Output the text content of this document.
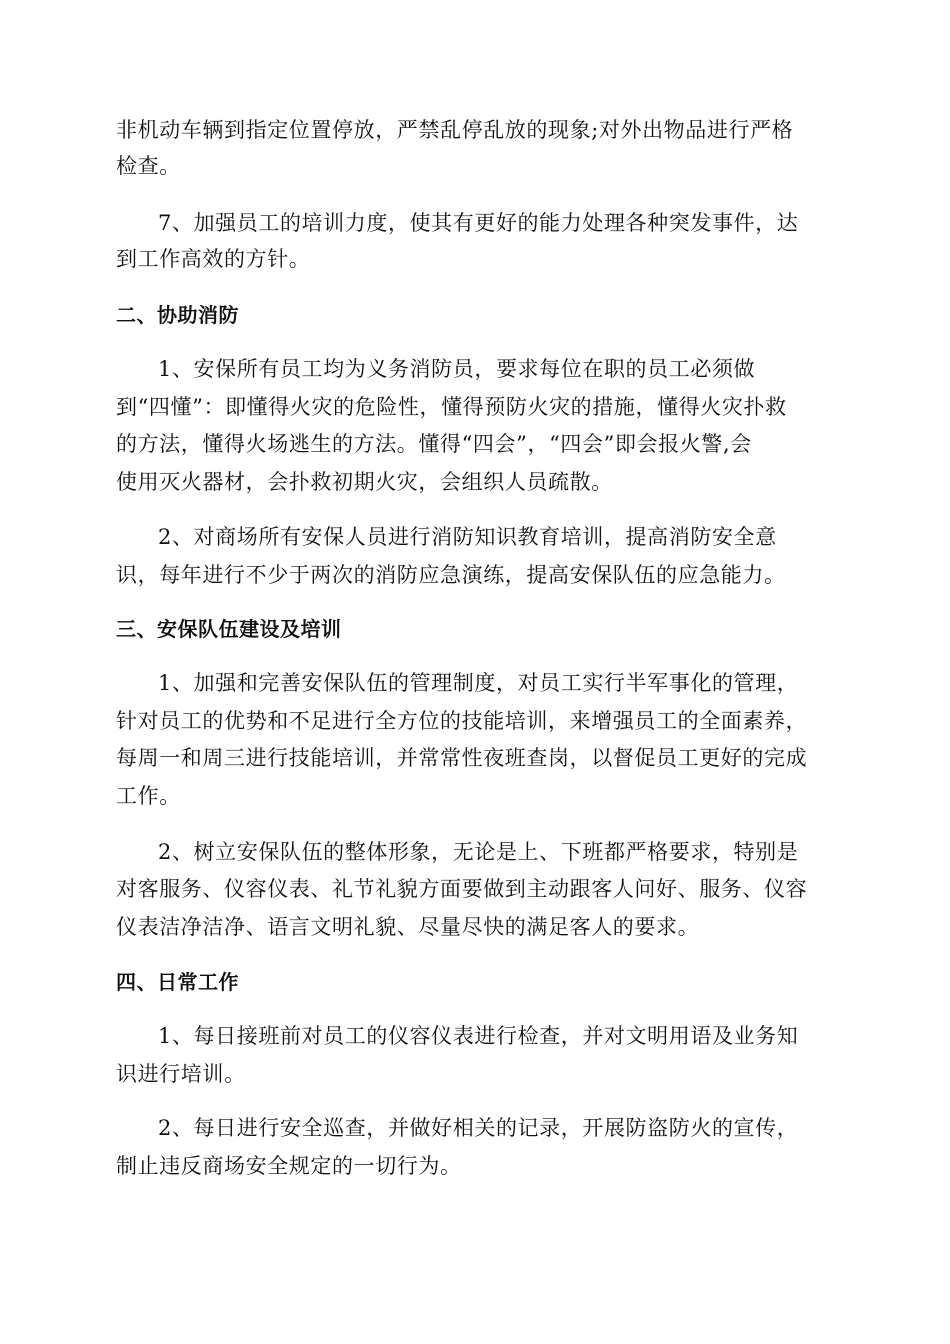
非机动车辆到指定位置停放，严禁乱停乱放的现象;对外出物品进行严格
检查。
7、加强员工的培训力度，使其有更好的能力处理各种突发事件，达
到工作高效的方针。
二、协助消防
1、安保所有员工均为义务消防员，要求每位在职的员工必须做
到“四懂”：即懂得火灾的危险性，懂得预防火灾的措施，懂得火灾扑救
的方法，懂得火场逃生的方法。懂得“四会”，“四会”即会报火警,会
使用灭火器材，会扑救初期火灾，会组织人员疏散。
2、对商场所有安保人员进行消防知识教育培训，提高消防安全意
识，每年进行不少于两次的消防应急演练，提高安保队伍的应急能力。
三、安保队伍建设及培训
1、加强和完善安保队伍的管理制度，对员工实行半军事化的管理，
针对员工的优势和不足进行全方位的技能培训，来增强员工的全面素养，
每周一和周三进行技能培训，并常常性夜班查岗，以督促员工更好的完成
工作。
2、树立安保队伍的整体形象，无论是上、下班都严格要求，特别是
对客服务、仪容仪表、礼节礼貌方面要做到主动跟客人问好、服务、仪容
仪表洁净洁净、语言文明礼貌、尽量尽快的满足客人的要求。
四、日常工作
1、每日接班前对员工的仪容仪表进行检查，并对文明用语及业务知
识进行培训。
2、每日进行安全巡查，并做好相关的记录，开展防盗防火的宣传，
制止违反商场安全规定的一切行为。
